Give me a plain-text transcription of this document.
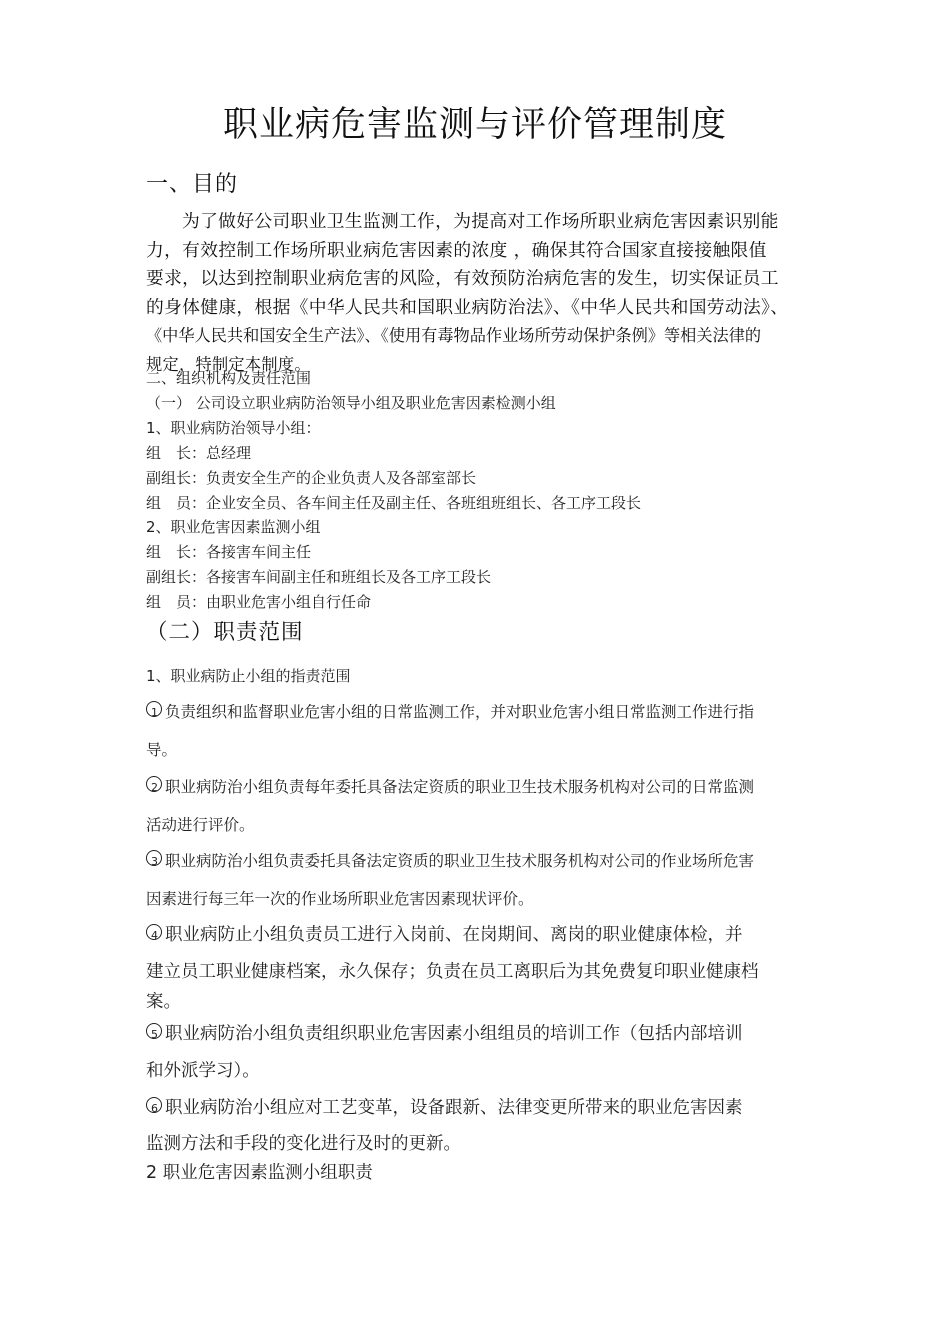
职业病危害监测与评价管理制度
一、目的

为了做好公司职业卫生监测工作，为提高对工作场所职业病危害因素识别能

力，有效控制工作场所职业病危害因素的浓度 ，确保其符合国家直接接触限值

要求，以达到控制职业病危害的风险，有效预防治病危害的发生，切实保证员工

的身体健康，根据《中华人民共和国职业病防治法》、《中华人民共和国劳动法》、

《中华人民共和国安全生产法》、《使用有毒物品作业场所劳动保护条例》等相关法律的

规定，特制定本制度。

二、组织机构及责任范围
（一） 公司设立职业病防治领导小组及职业危害因素检测小组
1、职业病防治领导小组：
组　长：总经理
副组长：负责安全生产的企业负责人及各部室部长
组　员：企业安全员、各车间主任及副主任、各班组班组长、各工序工段长
2、职业危害因素监测小组
组　长：各接害车间主任
副组长：各接害车间副主任和班组长及各工序工段长
组　员：由职业危害小组自行任命
（二）职责范围
1、职业病防止小组的指责范围
1 负责组织和监督职业危害小组的日常监测工作，并对职业危害小组日常监测工作进行指
导。
2 职业病防治小组负责每年委托具备法定资质的职业卫生技术服务机构对公司的日常监测
活动进行评价。
3 职业病防治小组负责委托具备法定资质的职业卫生技术服务机构对公司的作业场所危害
因素进行每三年一次的作业场所职业危害因素现状评价。
4 职业病防止小组负责员工进行入岗前、在岗期间、离岗的职业健康体检，并
建立员工职业健康档案，永久保存；负责在员工离职后为其免费复印职业健康档
案。
5 职业病防治小组负责组织职业危害因素小组组员的培训工作（包括内部培训
和外派学习）。
6 职业病防治小组应对工艺变革，设备跟新、法律变更所带来的职业危害因素
监测方法和手段的变化进行及时的更新。
2 职业危害因素监测小组职责
